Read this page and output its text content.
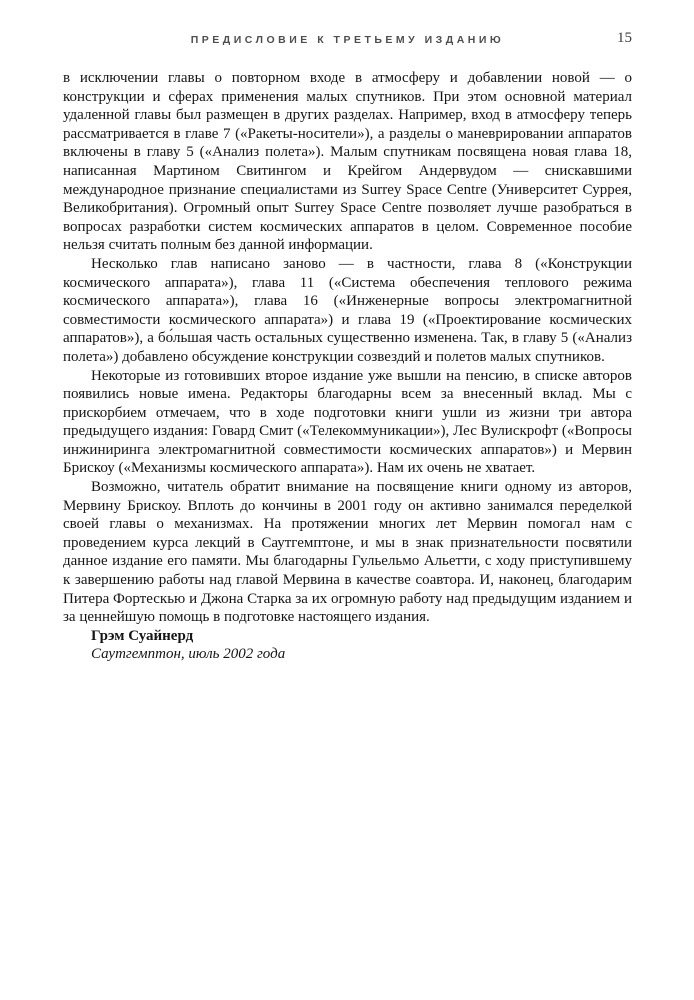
ПРЕДИСЛОВИЕ К ТРЕТЬЕМУ ИЗДАНИЮ	15

в исключении главы о повторном входе в атмосферу и добавлении новой — о конструкции и сферах применения малых спутников. При этом основной материал удаленной главы был размещен в других разделах. Например, вход в атмосферу теперь рассматривается в главе 7 («Ракеты-носители»), а разделы о маневрировании аппаратов включены в главу 5 («Анализ полета»). Малым спутникам посвящена новая глава 18, написанная Мартином Свитингом и Крейгом Андервудом — снискавшими международное признание специалистами из Surrey Space Centre (Университет Суррея, Великобритания). Огромный опыт Surrey Space Centre позволяет лучше разобраться в вопросах разработки систем космических аппаратов в целом. Современное пособие нельзя считать полным без данной информации.

Несколько глав написано заново — в частности, глава 8 («Конструкции космического аппарата»), глава 11 («Система обеспечения теплового режима космического аппарата»), глава 16 («Инженерные вопросы электромагнитной совместимости космического аппарата») и глава 19 («Проектирование космических аппаратов»), а бо́льшая часть остальных существенно изменена. Так, в главу 5 («Анализ полета») добавлено обсуждение конструкции созвездий и полетов малых спутников.

Некоторые из готовивших второе издание уже вышли на пенсию, в списке авторов появились новые имена. Редакторы благодарны всем за внесенный вклад. Мы с прискорбием отмечаем, что в ходе подготовки книги ушли из жизни три автора предыдущего издания: Говард Смит («Телекоммуникации»), Лес Вулискрофт («Вопросы инжиниринга электромагнитной совместимости космических аппаратов») и Мервин Брискоу («Механизмы космического аппарата»). Нам их очень не хватает.

Возможно, читатель обратит внимание на посвящение книги одному из авторов, Мервину Брискоу. Вплоть до кончины в 2001 году он активно занимался переделкой своей главы о механизмах. На протяжении многих лет Мервин помогал нам с проведением курса лекций в Саутгемптоне, и мы в знак признательности посвятили данное издание его памяти. Мы благодарны Гульельмо Альетти, с ходу приступившему к завершению работы над главой Мервина в качестве соавтора. И, наконец, благодарим Питера Фортескью и Джона Старка за их огромную работу над предыдущим изданием и за ценнейшую помощь в подготовке настоящего издания.

Грэм Суайнерд

Саутгемптон, июль 2002 года
